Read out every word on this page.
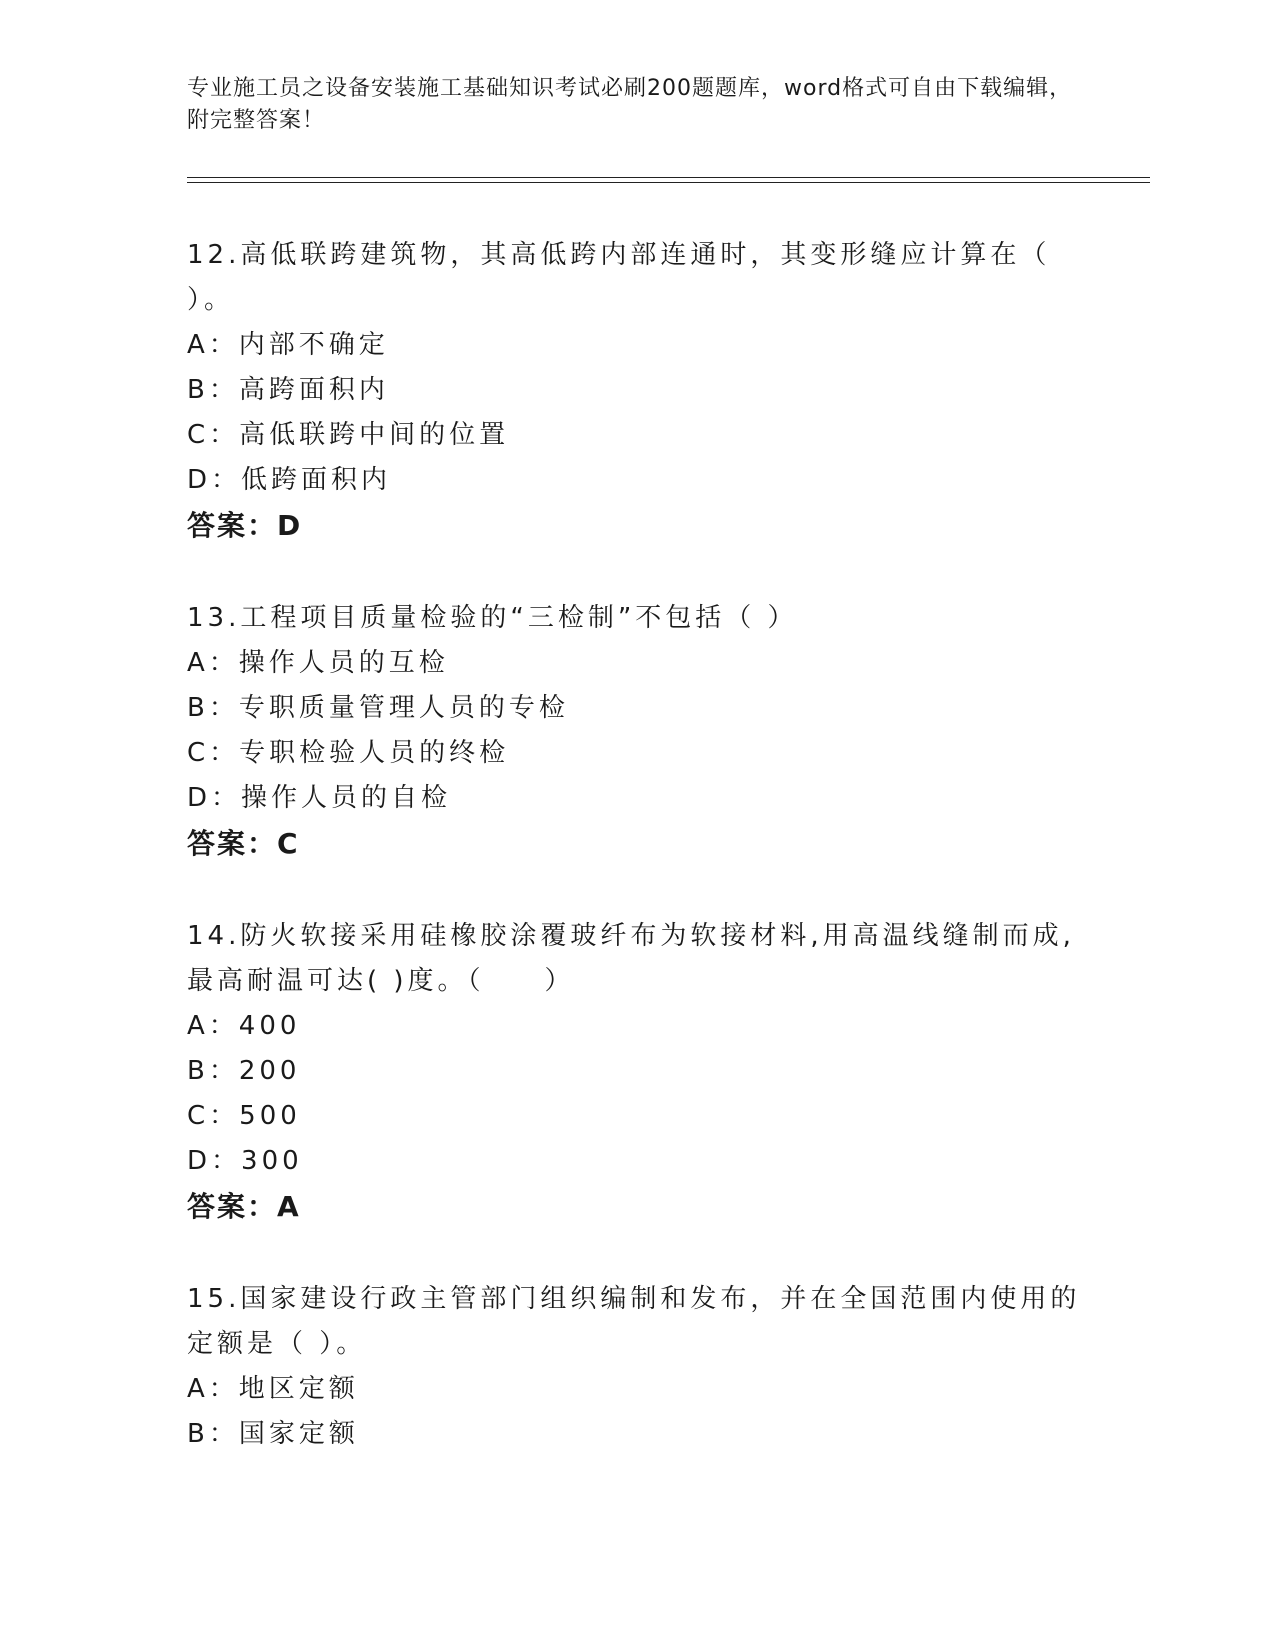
专业施工员之设备安装施工基础知识考试必刷200题题库，word格式可自由下载编辑，附完整答案！

12.高低联跨建筑物，其高低跨内部连通时，其变形缝应计算在（ ）。

A：内部不确定

B：高跨面积内

C：高低联跨中间的位置

D：低跨面积内

答案：D

13.工程项目质量检验的“三检制”不包括（ ）

A：操作人员的互检

B：专职质量管理人员的专检

C：专职检验人员的终检

D：操作人员的自检

答案：C

14.防火软接采用硅橡胶涂覆玻纤布为软接材料,用高温线缝制而成,最高耐温可达( )度。（　　）

A：400

B：200

C：500

D：300

答案：A

15.国家建设行政主管部门组织编制和发布，并在全国范围内使用的定额是（ ）。

A：地区定额

B：国家定额
